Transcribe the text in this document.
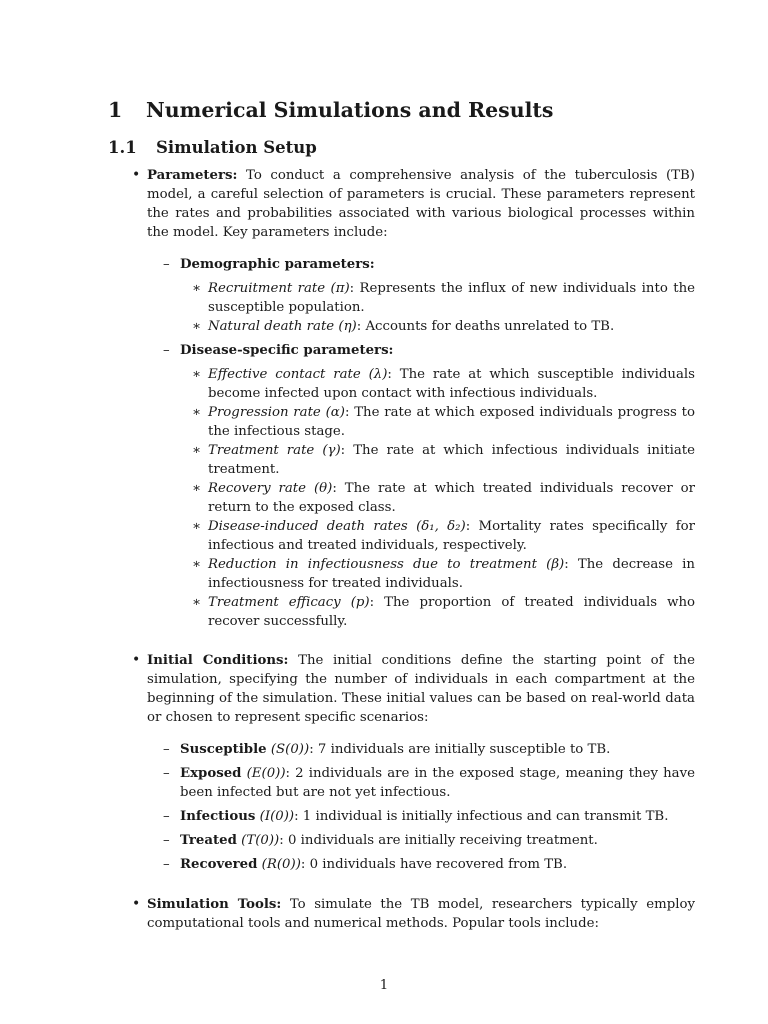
1 Numerical Simulations and Results
1.1 Simulation Setup
• Parameters: To conduct a comprehensive analysis of the tuberculosis (TB) model, a careful selection of parameters is crucial. These parameters represent the rates and probabilities associated with various biological processes within the model. Key parameters include:
– Demographic parameters:
∗ Recruitment rate (π): Represents the influx of new individuals into the susceptible population.
∗ Natural death rate (η): Accounts for deaths unrelated to TB.
– Disease-specific parameters:
∗ Effective contact rate (λ): The rate at which susceptible individuals become infected upon contact with infectious individuals.
∗ Progression rate (α): The rate at which exposed individuals progress to the infectious stage.
∗ Treatment rate (γ): The rate at which infectious individuals initiate treatment.
∗ Recovery rate (θ): The rate at which treated individuals recover or return to the exposed class.
∗ Disease-induced death rates (δ₁, δ₂): Mortality rates specifically for infectious and treated individuals, respectively.
∗ Reduction in infectiousness due to treatment (β): The decrease in infectiousness for treated individuals.
∗ Treatment efficacy (p): The proportion of treated individuals who recover successfully.
• Initial Conditions: The initial conditions define the starting point of the simulation, specifying the number of individuals in each compartment at the beginning of the simulation. These initial values can be based on real-world data or chosen to represent specific scenarios:
– Susceptible (S(0)): 7 individuals are initially susceptible to TB.
– Exposed (E(0)): 2 individuals are in the exposed stage, meaning they have been infected but are not yet infectious.
– Infectious (I(0)): 1 individual is initially infectious and can transmit TB.
– Treated (T(0)): 0 individuals are initially receiving treatment.
– Recovered (R(0)): 0 individuals have recovered from TB.
• Simulation Tools: To simulate the TB model, researchers typically employ computational tools and numerical methods. Popular tools include:
1
